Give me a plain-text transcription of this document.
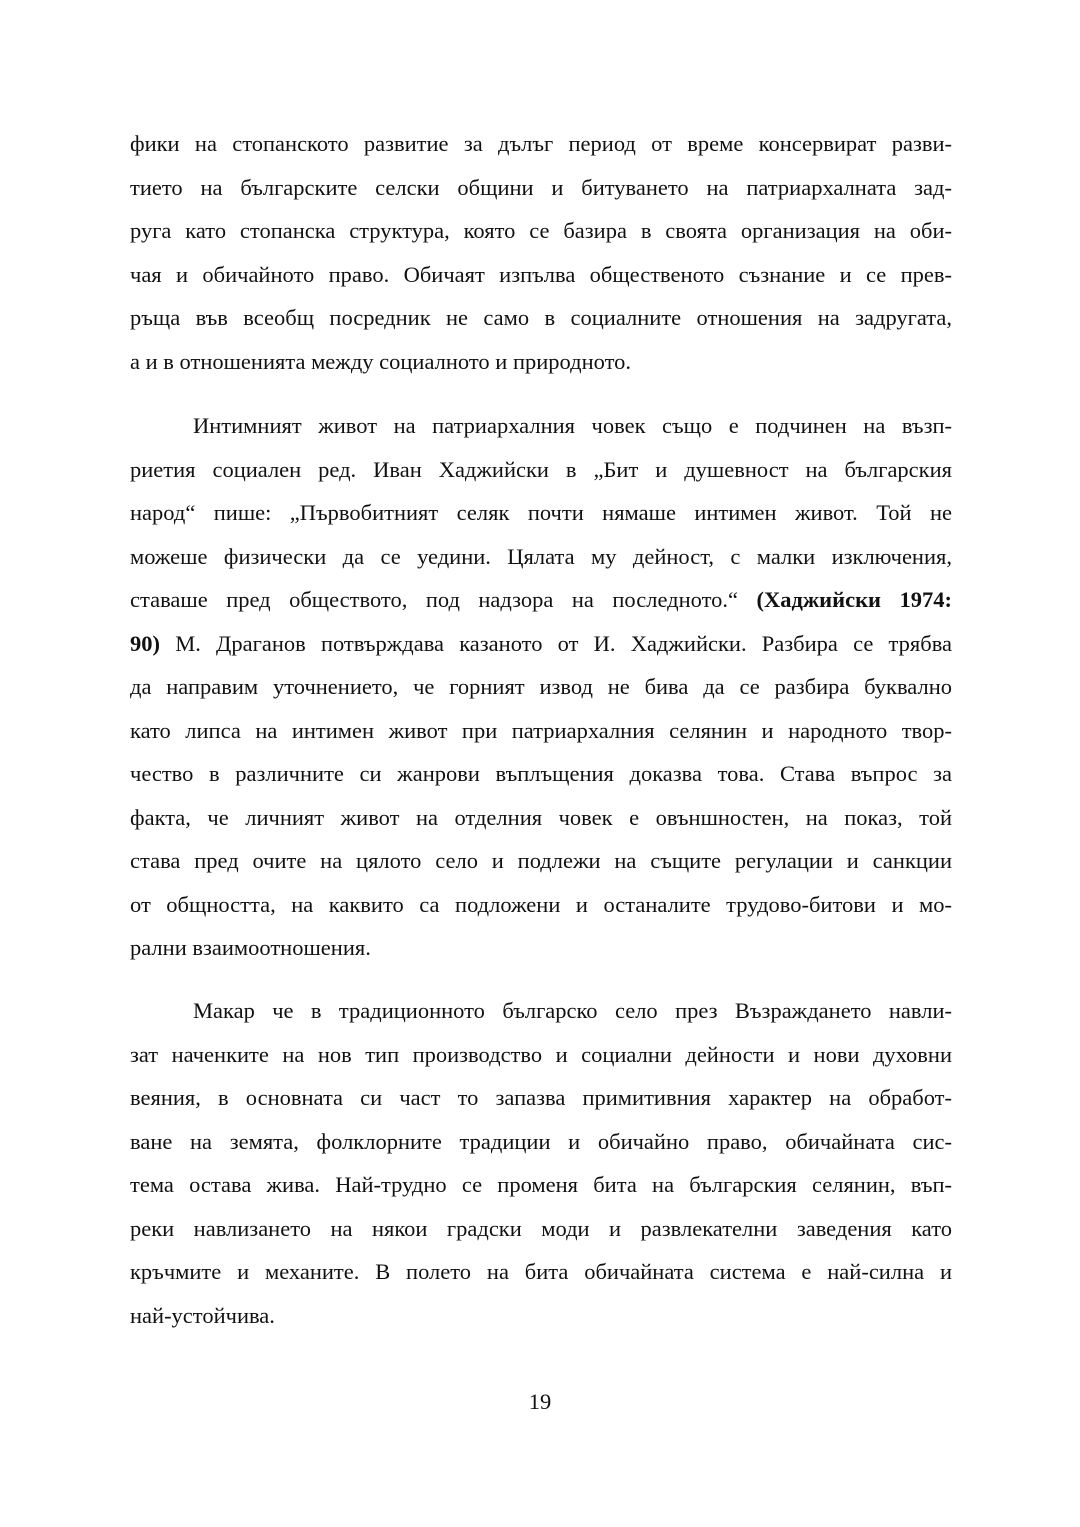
фики на стопанското развитие за дълъг период от време консервират разви-
тието на българските селски общини и битуването на патриархалната зад-
руга като стопанска структура, която се базира в своята организация на оби-
чая и обичайното право. Обичаят изпълва общественото съзнание и се прев-
ръща във всеобщ посредник не само в социалните отношения на задругата,
а и в отношенията между социалното и природното.
Интимният живот на патриархалния човек също е подчинен на възп-
риетия социален ред. Иван Хаджийски в „Бит и душевност на българския
народ“ пише: „Първобитният селяк почти нямаше интимен живот. Той не
можеше физически да се уедини. Цялата му дейност, с малки изключения,
ставаше пред обществото, под надзора на последното.“ (Хаджийски 1974:
90) М. Драганов потвърждава казаното от И. Хаджийски. Разбира се трябва
да направим уточнението, че горният извод не бива да се разбира буквално
като липса на интимен живот при патриархалния селянин и народното твор-
чество в различните си жанрови въплъщения доказва това. Става въпрос за
факта, че личният живот на отделния човек е овъншностен, на показ, той
става пред очите на цялото село и подлежи на същите регулации и санкции
от общността, на каквито са подложени и останалите трудово-битови и мо-
рални взаимоотношения.
Макар че в традиционното българско село през Възраждането навли-
зат наченките на нов тип производство и социални дейности и нови духовни
веяния, в основната си част то запазва примитивния характер на обработ-
ване на земята, фолклорните традиции и обичайно право, обичайната сис-
тема остава жива. Най-трудно се променя бита на българския селянин, въп-
реки навлизането на някои градски моди и развлекателни заведения като
кръчмите и механите. В полето на бита обичайната система е най-силна и
най-устойчива.
19
